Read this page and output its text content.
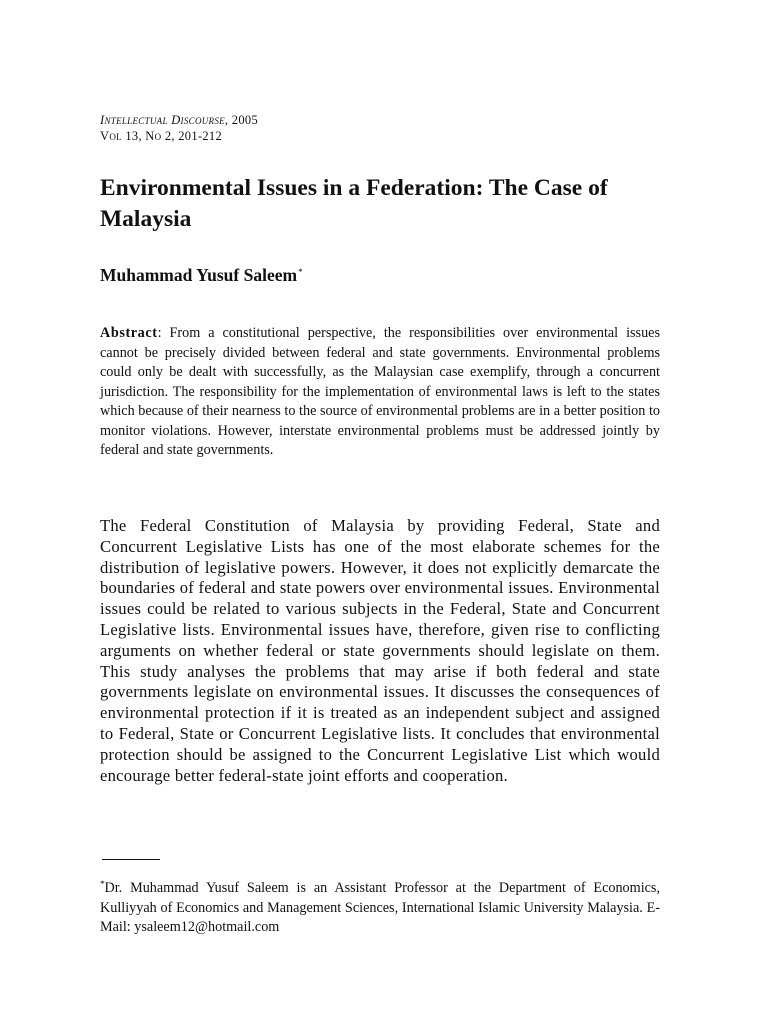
Intellectual Discourse, 2005
Vol 13, No 2, 201-212
Environmental Issues in a Federation: The Case of Malaysia

Muhammad Yusuf Saleem*

Abstract: From a constitutional perspective, the responsibilities over environmental issues cannot be precisely divided between federal and state governments. Environmental problems could only be dealt with successfully, as the Malaysian case exemplify, through a concurrent jurisdiction. The responsibility for the implementation of environmental laws is left to the states which because of their nearness to the source of environmental problems are in a better position to monitor violations. However, interstate environmental problems must be addressed jointly by federal and state governments.

The Federal Constitution of Malaysia by providing Federal, State and Concurrent Legislative Lists has one of the most elaborate schemes for the distribution of legislative powers. However, it does not explicitly demarcate the boundaries of federal and state powers over environmental issues. Environmental issues could be related to various subjects in the Federal, State and Concurrent Legislative lists. Environmental issues have, therefore, given rise to conflicting arguments on whether federal or state governments should legislate on them. This study analyses the problems that may arise if both federal and state governments legislate on environmental issues. It discusses the consequences of environmental protection if it is treated as an independent subject and assigned to Federal, State or Concurrent Legislative lists. It concludes that environmental protection should be assigned to the Concurrent Legislative List which would encourage better federal-state joint efforts and cooperation.

*Dr. Muhammad Yusuf Saleem is an Assistant Professor at the Department of Economics, Kulliyyah of Economics and Management Sciences, International Islamic University Malaysia. E-Mail: ysaleem12@hotmail.com
